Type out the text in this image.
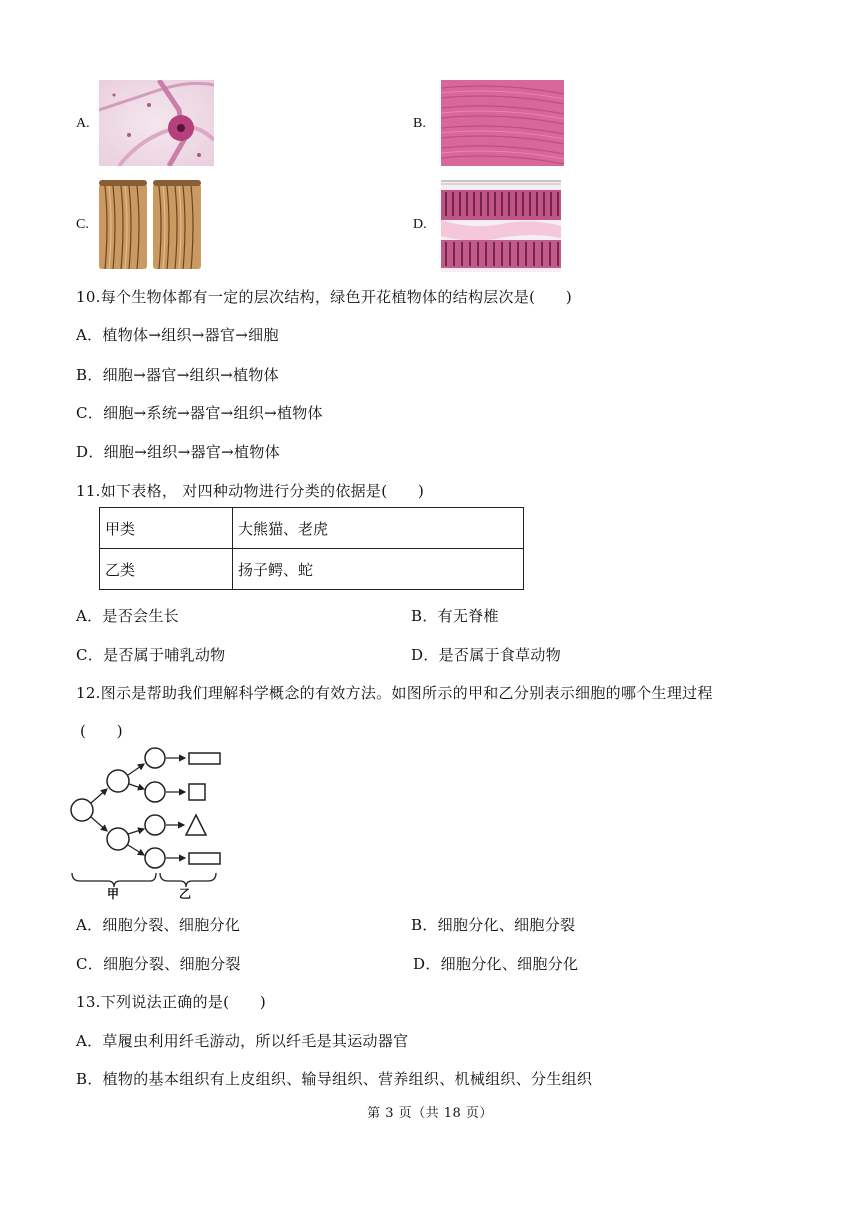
A.	B.
C.	D.
10.每个生物体都有一定的层次结构，绿色开花植物体的结构层次是(　　)
A．植物体→组织→器官→细胞
B．细胞→器官→组织→植物体
C．细胞→系统→器官→组织→植物体
D．细胞→组织→器官→植物体
11.如下表格， 对四种动物进行分类的依据是(　　)
甲类	大熊猫、老虎
乙类	扬子鳄、蛇
A．是否会生长	B．有无脊椎
C．是否属于哺乳动物	D．是否属于食草动物
12.图示是帮助我们理解科学概念的有效方法。如图所示的甲和乙分别表示细胞的哪个生理过程
(　　)
甲	乙
A．细胞分裂、细胞分化	B．细胞分化、细胞分裂
C．细胞分裂、细胞分裂	D．细胞分化、细胞分化
13.下列说法正确的是(　　)
A．草履虫利用纤毛游动，所以纤毛是其运动器官
B．植物的基本组织有上皮组织、输导组织、营养组织、机械组织、分生组织
第 3 页（共 18 页）
